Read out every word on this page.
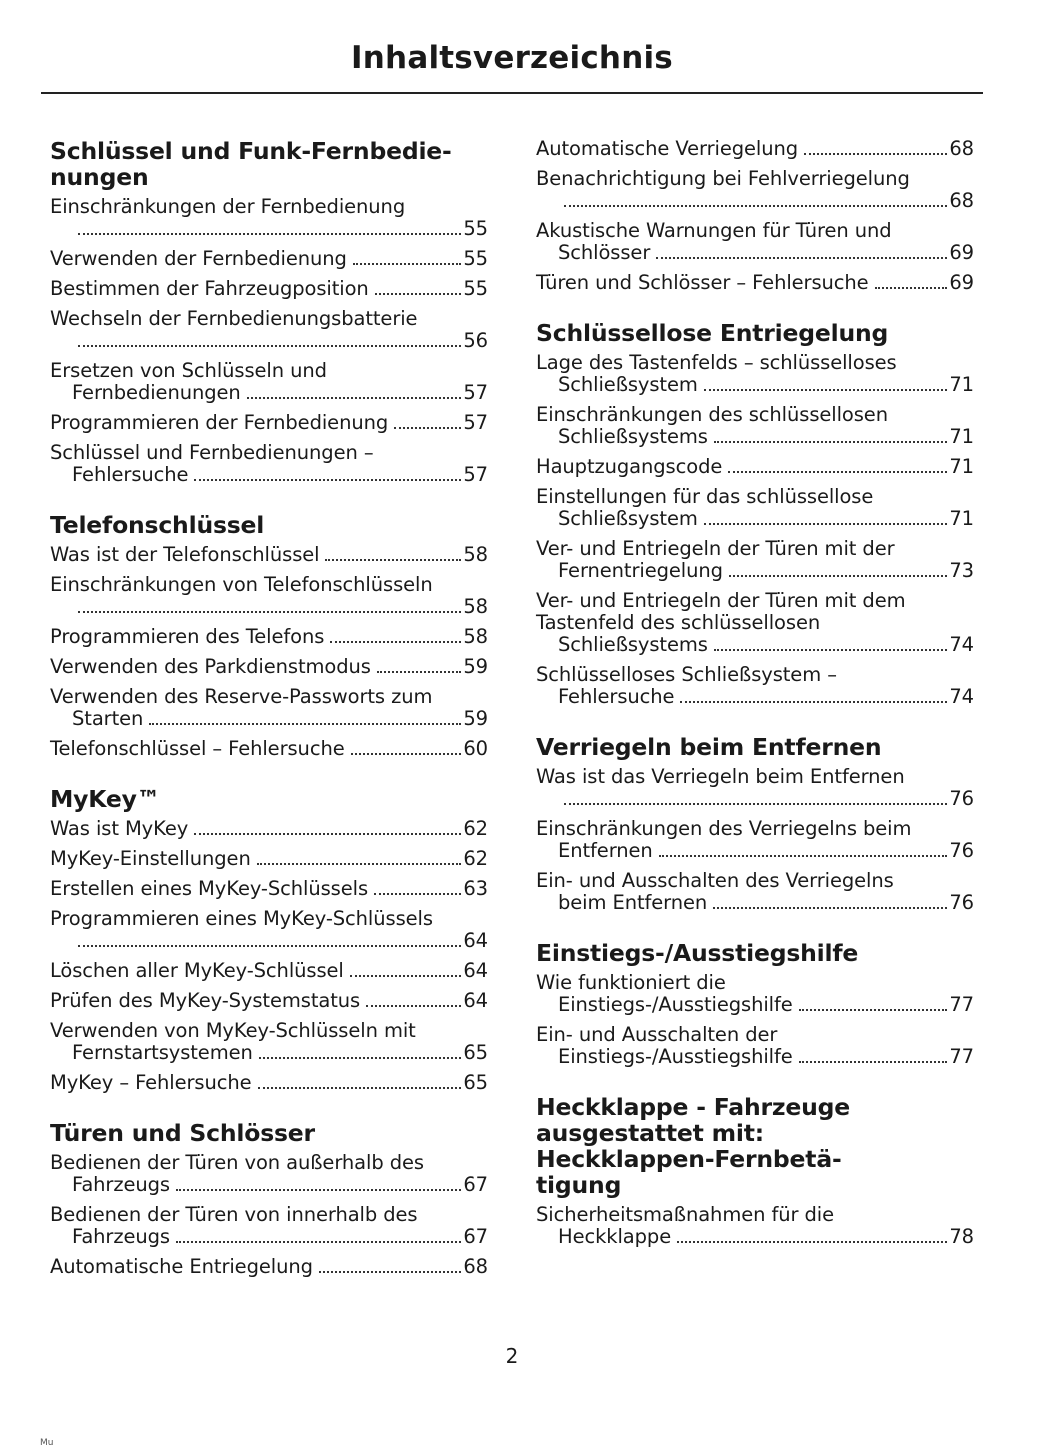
Inhaltsverzeichnis
Schlüssel und Funk-Fernbedie-
nungen
Einschränkungen der Fernbedienung
55
Verwenden der Fernbedienung	55
Bestimmen der Fahrzeugposition	55
Wechseln der Fernbedienungsbatterie
56
Ersetzen von Schlüsseln und
Fernbedienungen	57
Programmieren der Fernbedienung	57
Schlüssel und Fernbedienungen –
Fehlersuche	57
Telefonschlüssel
Was ist der Telefonschlüssel	58
Einschränkungen von Telefonschlüsseln
58
Programmieren des Telefons	58
Verwenden des Parkdienstmodus	59
Verwenden des Reserve-Passworts zum
Starten	59
Telefonschlüssel – Fehlersuche	60
MyKey™
Was ist MyKey	62
MyKey-Einstellungen	62
Erstellen eines MyKey-Schlüssels	63
Programmieren eines MyKey-Schlüssels
64
Löschen aller MyKey-Schlüssel	64
Prüfen des MyKey-Systemstatus	64
Verwenden von MyKey-Schlüsseln mit
Fernstartsystemen	65
MyKey – Fehlersuche	65
Türen und Schlösser
Bedienen der Türen von außerhalb des
Fahrzeugs	67
Bedienen der Türen von innerhalb des
Fahrzeugs	67
Automatische Entriegelung	68
Automatische Verriegelung	68
Benachrichtigung bei Fehlverriegelung
68
Akustische Warnungen für Türen und
Schlösser	69
Türen und Schlösser – Fehlersuche	69
Schlüssellose Entriegelung
Lage des Tastenfelds – schlüsselloses
Schließsystem	71
Einschränkungen des schlüssellosen
Schließsystems	71
Hauptzugangscode	71
Einstellungen für das schlüssellose
Schließsystem	71
Ver- und Entriegeln der Türen mit der
Fernentriegelung	73
Ver- und Entriegeln der Türen mit dem
Tastenfeld des schlüssellosen
Schließsystems	74
Schlüsselloses Schließsystem –
Fehlersuche	74
Verriegeln beim Entfernen
Was ist das Verriegeln beim Entfernen
76
Einschränkungen des Verriegelns beim
Entfernen	76
Ein- und Ausschalten des Verriegelns
beim Entfernen	76
Einstiegs-/Ausstiegshilfe
Wie funktioniert die
Einstiegs-/Ausstiegshilfe	77
Ein- und Ausschalten der
Einstiegs-/Ausstiegshilfe	77
Heckklappe - Fahrzeuge
ausgestattet mit:
Heckklappen-Fernbetä-
tigung
Sicherheitsmaßnahmen für die
Heckklappe	78
2
Mu
